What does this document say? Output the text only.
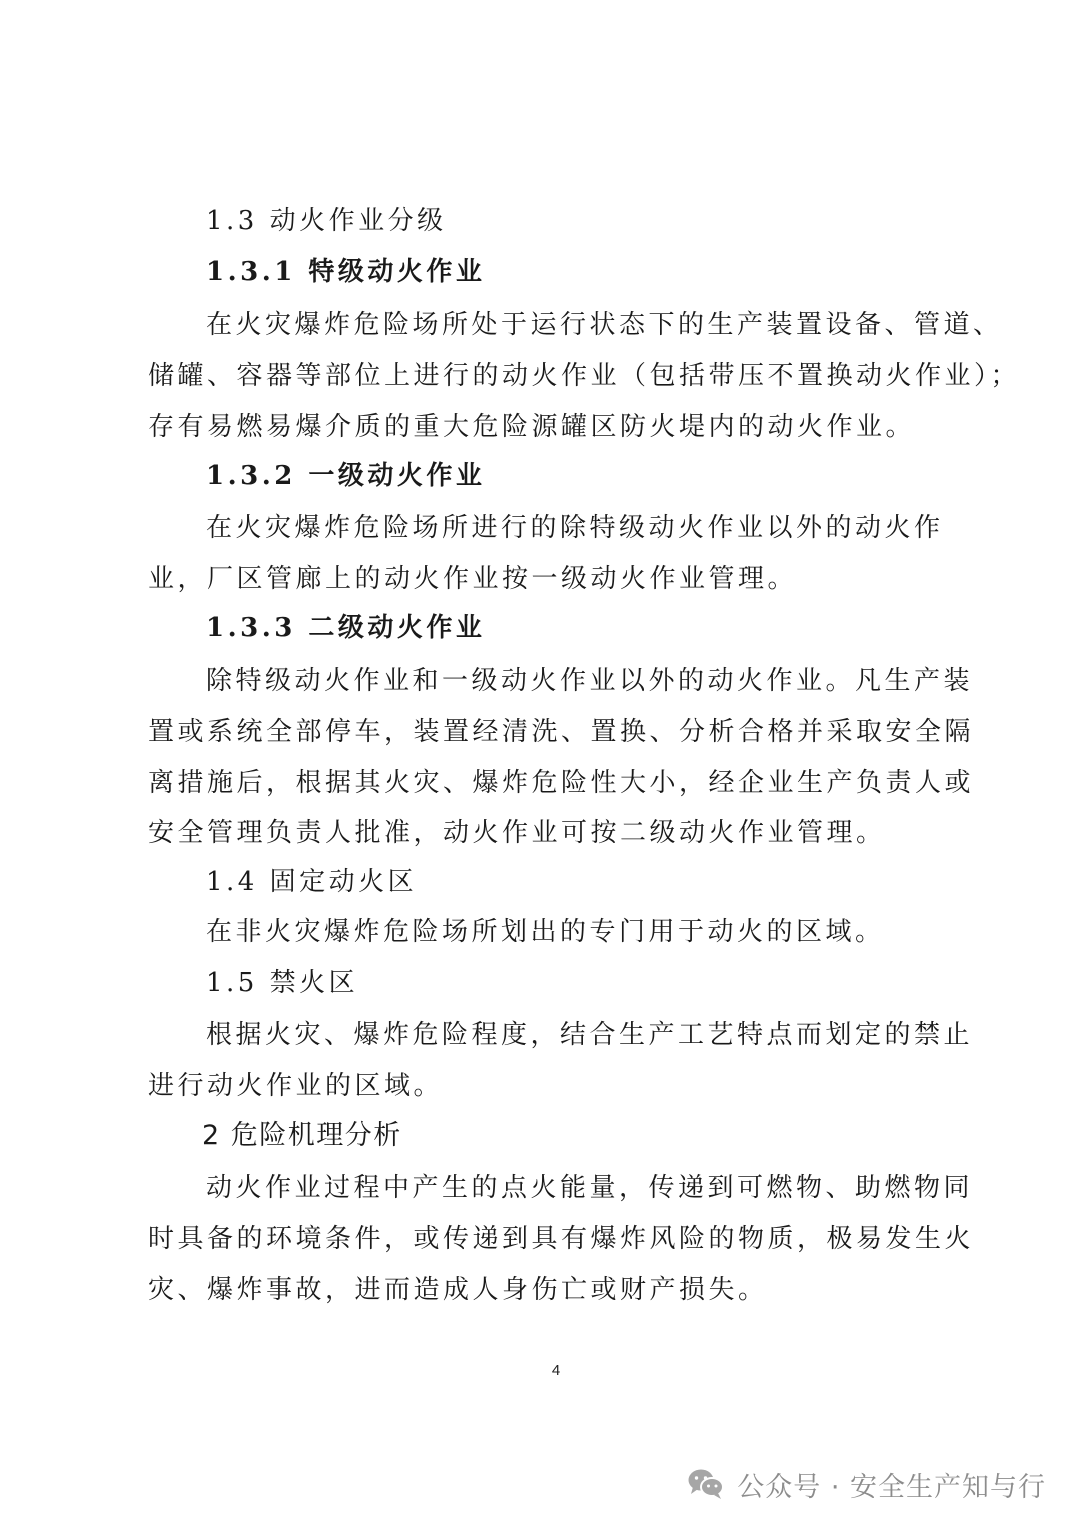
1.3 动火作业分级
1.3.1 特级动火作业
在火灾爆炸危险场所处于运行状态下的生产装置设备、管道、
储罐、容器等部位上进行的动火作业（包括带压不置换动火作业）；
存有易燃易爆介质的重大危险源罐区防火堤内的动火作业。
1.3.2 一级动火作业
在火灾爆炸危险场所进行的除特级动火作业以外的动火作
业，厂区管廊上的动火作业按一级动火作业管理。
1.3.3 二级动火作业
除特级动火作业和一级动火作业以外的动火作业。凡生产装
置或系统全部停车，装置经清洗、置换、分析合格并采取安全隔
离措施后，根据其火灾、爆炸危险性大小，经企业生产负责人或
安全管理负责人批准，动火作业可按二级动火作业管理。
1.4 固定动火区
在非火灾爆炸危险场所划出的专门用于动火的区域。
1.5 禁火区
根据火灾、爆炸危险程度，结合生产工艺特点而划定的禁止
进行动火作业的区域。
2 危险机理分析
动火作业过程中产生的点火能量，传递到可燃物、助燃物同
时具备的环境条件，或传递到具有爆炸风险的物质，极易发生火
灾、爆炸事故，进而造成人身伤亡或财产损失。
4
公众号 · 安全生产知与行
